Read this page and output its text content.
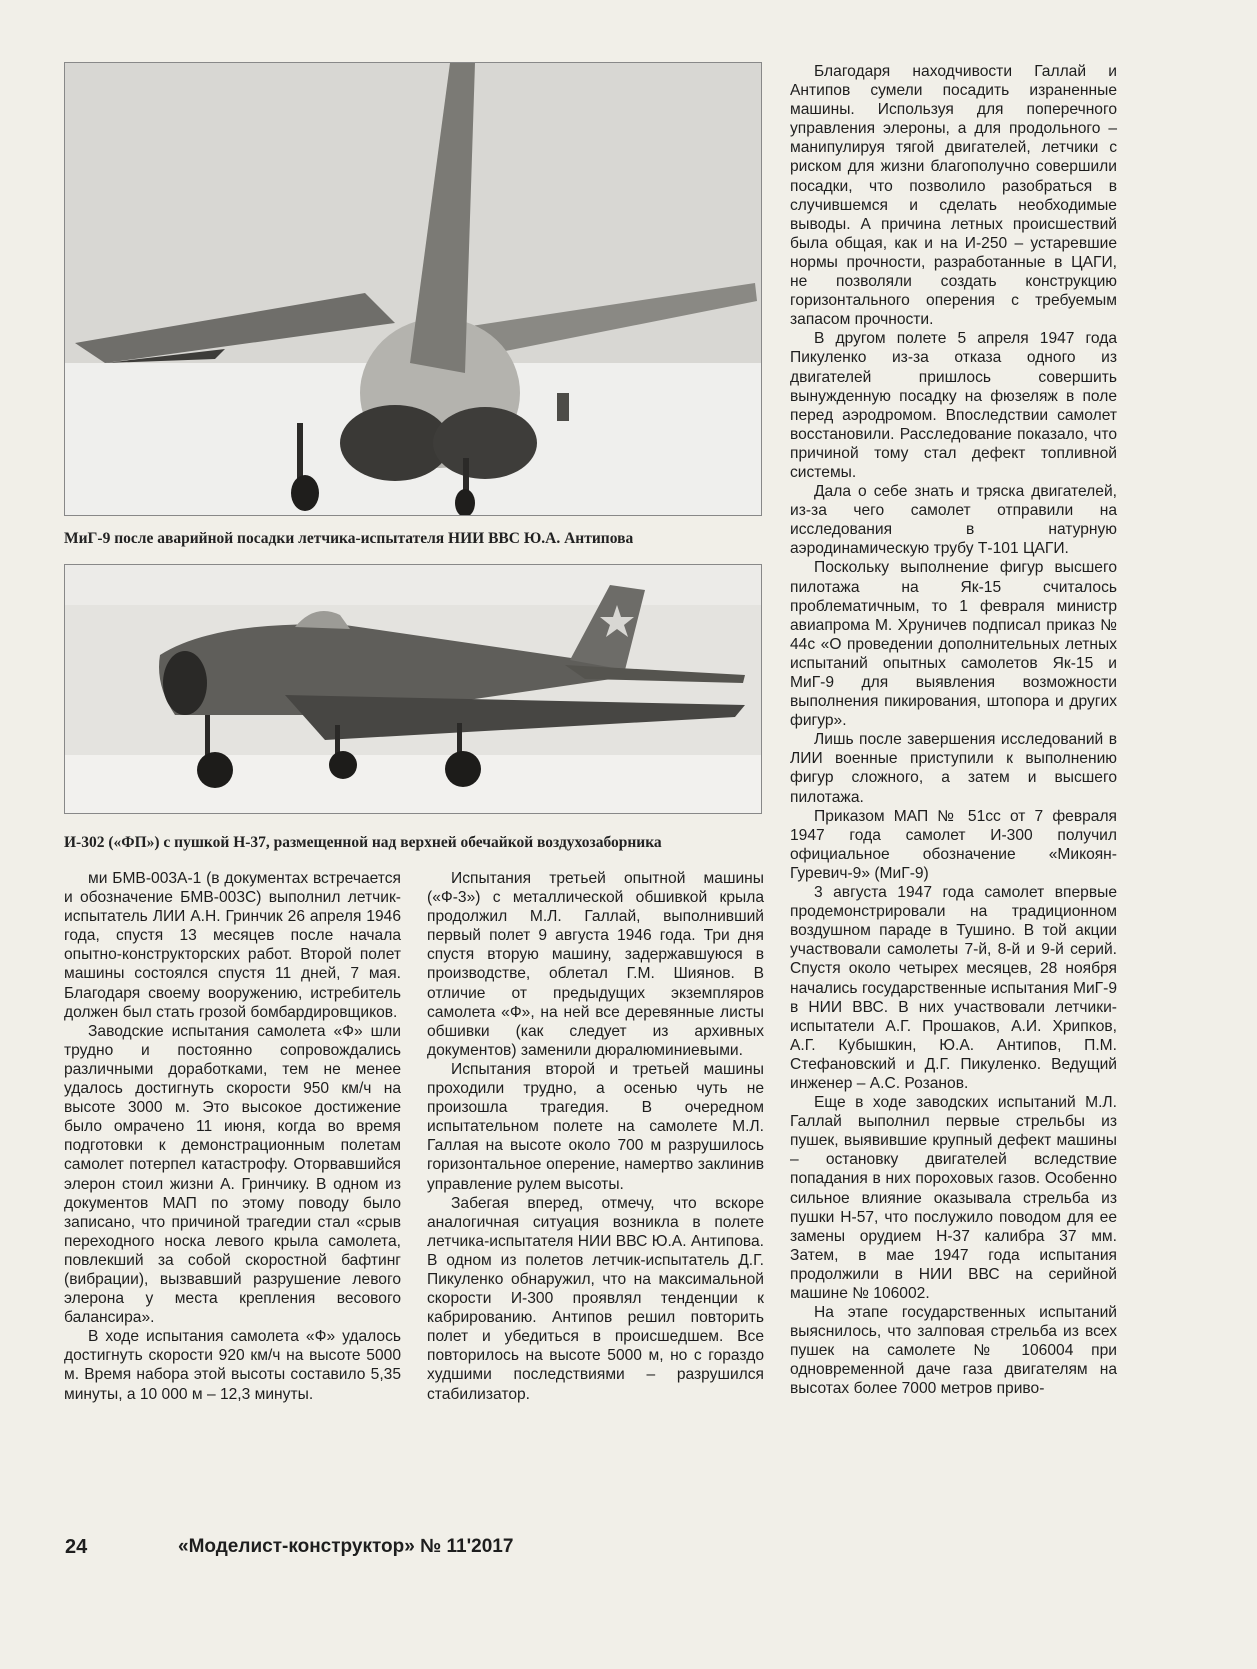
МиГ-9 после аварийной посадки летчика-испытателя НИИ ВВС Ю.А. Антипова
И-302 («ФП») с пушкой Н-37, размещенной над верхней обечайкой воздухозаборника

Благодаря находчивости Галлай и Антипов сумели посадить израненные машины. Используя для поперечного управления элероны, а для продольного – манипулируя тягой двигателей, летчики с риском для жизни благополучно совершили посадки, что позволило разобраться в случившемся и сделать необходимые выводы. А причина летных происшествий была общая, как и на И-250 – устаревшие нормы прочности, разработанные в ЦАГИ, не позволяли создать конструкцию горизонтального оперения с требуемым запасом прочности.

В другом полете 5 апреля 1947 года Пикуленко из-за отказа одного из двигателей пришлось совершить вынужденную посадку на фюзеляж в поле перед аэродромом. Впоследствии самолет восстановили. Расследование показало, что причиной тому стал дефект топливной системы.

Дала о себе знать и тряска двигателей, из-за чего самолет отправили на исследования в натурную аэродинамическую трубу Т-101 ЦАГИ.

Поскольку выполнение фигур высшего пилотажа на Як-15 считалось проблематичным, то 1 февраля министр авиапрома М. Хруничев подписал приказ № 44с «О проведении дополнительных летных испытаний опытных самолетов Як-15 и МиГ-9 для выявления возможности выполнения пикирования, штопора и других фигур».

Лишь после завершения исследований в ЛИИ военные приступили к выполнению фигур сложного, а затем и высшего пилотажа.

Приказом МАП № 51сс от 7 февраля 1947 года самолет И-300 получил официальное обозначение «Микоян-Гуревич-9» (МиГ-9)

3 августа 1947 года самолет впервые продемонстрировали на традиционном воздушном параде в Тушино. В той акции участвовали самолеты 7-й, 8-й и 9-й серий. Спустя около четырех месяцев, 28 ноября начались государственные испытания МиГ-9 в НИИ ВВС. В них участвовали летчики-испытатели А.Г. Прошаков, А.И. Хрипков, А.Г. Кубышкин, Ю.А. Антипов, П.М. Стефановский и Д.Г. Пикуленко. Ведущий инженер – А.С. Розанов.

Еще в ходе заводских испытаний М.Л. Галлай выполнил первые стрельбы из пушек, выявившие крупный дефект машины – остановку двигателей вследствие попадания в них пороховых газов. Особенно сильное влияние оказывала стрельба из пушки Н-57, что послужило поводом для ее замены орудием Н-37 калибра 37 мм. Затем, в мае 1947 года испытания продолжили в НИИ ВВС на серийной машине № 106002.

На этапе государственных испытаний выяснилось, что залповая стрельба из всех пушек на самолете № 106004 при одновременной даче газа двигателям на высотах более 7000 метров приво-

ми БМВ-003А-1 (в документах встречается и обозначение БМВ-003С) выполнил летчик-испытатель ЛИИ А.Н. Гринчик 26 апреля 1946 года, спустя 13 месяцев после начала опытно-конструкторских работ. Второй полет машины состоялся спустя 11 дней, 7 мая. Благодаря своему вооружению, истребитель должен был стать грозой бомбардировщиков.

Заводские испытания самолета «Ф» шли трудно и постоянно сопровождались различными доработками, тем не менее удалось достигнуть скорости 950 км/ч на высоте 3000 м. Это высокое достижение было омрачено 11 июня, когда во время подготовки к демонстрационным полетам самолет потерпел катастрофу. Оторвавшийся элерон стоил жизни А. Гринчику. В одном из документов МАП по этому поводу было записано, что причиной трагедии стал «срыв переходного носка левого крыла самолета, повлекший за собой скоростной бафтинг (вибрации), вызвавший разрушение левого элерона у места крепления весового балансира».

В ходе испытания самолета «Ф» удалось достигнуть скорости 920 км/ч на высоте 5000 м. Время набора этой высоты составило 5,35 минуты, а 10 000 м – 12,3 минуты.

Испытания третьей опытной машины («Ф-3») с металлической обшивкой крыла продолжил М.Л. Галлай, выполнивший первый полет 9 августа 1946 года. Три дня спустя вторую машину, задержавшуюся в производстве, облетал Г.М. Шиянов. В отличие от предыдущих экземпляров самолета «Ф», на ней все деревянные листы обшивки (как следует из архивных документов) заменили дюралюминиевыми.

Испытания второй и третьей машины проходили трудно, а осенью чуть не произошла трагедия. В очередном испытательном полете на самолете М.Л. Галлая на высоте около 700 м разрушилось горизонтальное оперение, намертво заклинив управление рулем высоты.

Забегая вперед, отмечу, что вскоре аналогичная ситуация возникла в полете летчика-испытателя НИИ ВВС Ю.А. Антипова. В одном из полетов летчик-испытатель Д.Г. Пикуленко обнаружил, что на максимальной скорости И-300 проявлял тенденции к кабрированию. Антипов решил повторить полет и убедиться в происшедшем. Все повторилось на высоте 5000 м, но с гораздо худшими последствиями – разрушился стабилизатор.

24	«Моделист-конструктор» № 11'2017
